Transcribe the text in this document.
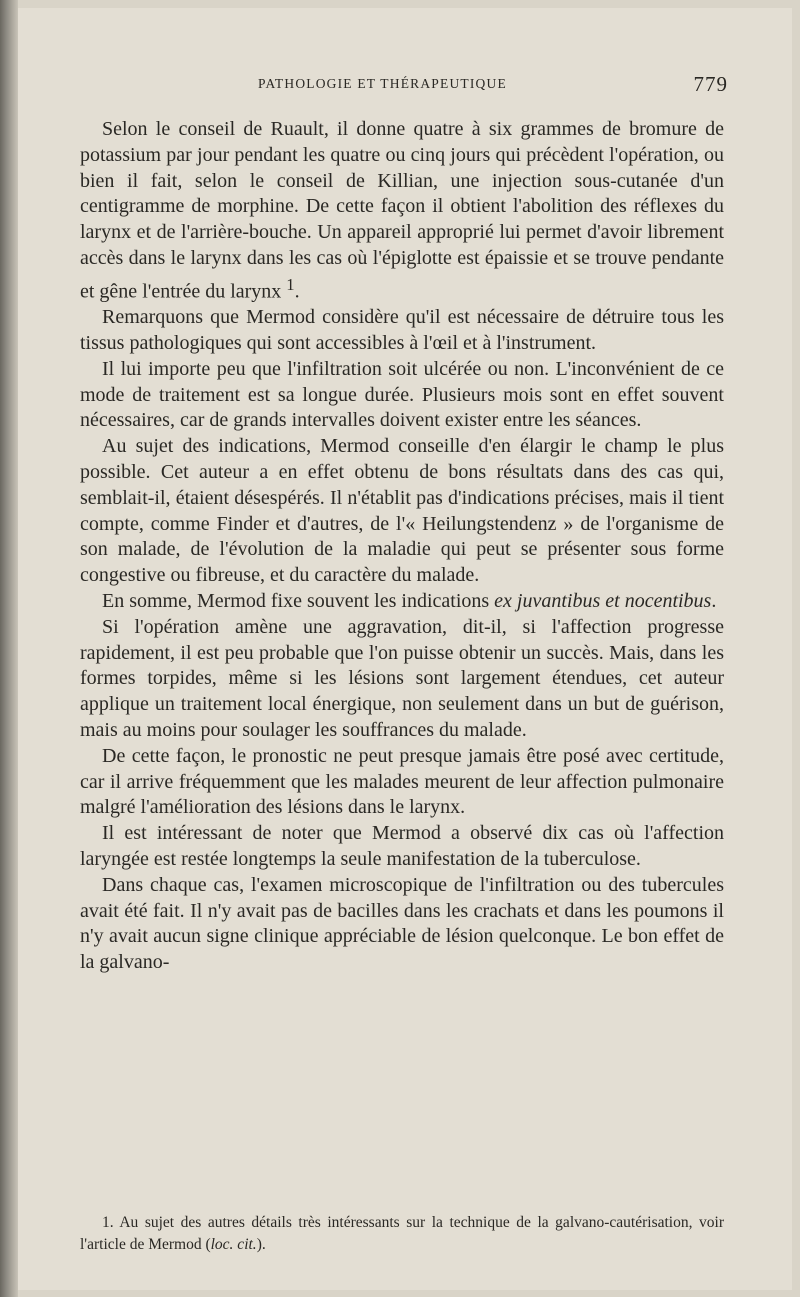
PATHOLOGIE ET THÉRAPEUTIQUE	779

Selon le conseil de Ruault, il donne quatre à six grammes de bromure de potassium par jour pendant les quatre ou cinq jours qui précèdent l'opération, ou bien il fait, selon le conseil de Killian, une injection sous-cutanée d'un centigramme de morphine. De cette façon il obtient l'abolition des réflexes du larynx et de l'arrière-bouche. Un appareil approprié lui permet d'avoir librement accès dans le larynx dans les cas où l'épiglotte est épaissie et se trouve pendante et gêne l'entrée du larynx $^1$.

Remarquons que Mermod considère qu'il est nécessaire de détruire tous les tissus pathologiques qui sont accessibles à l'œil et à l'instrument.

Il lui importe peu que l'infiltration soit ulcérée ou non. L'inconvénient de ce mode de traitement est sa longue durée. Plusieurs mois sont en effet souvent nécessaires, car de grands intervalles doivent exister entre les séances.

Au sujet des indications, Mermod conseille d'en élargir le champ le plus possible. Cet auteur a en effet obtenu de bons résultats dans des cas qui, semblait-il, étaient désespérés. Il n'établit pas d'indications précises, mais il tient compte, comme Finder et d'autres, de l'« Heilungstendenz » de l'organisme de son malade, de l'évolution de la maladie qui peut se présenter sous forme congestive ou fibreuse, et du caractère du malade.

En somme, Mermod fixe souvent les indications ex juvantibus et nocentibus.

Si l'opération amène une aggravation, dit-il, si l'affection progresse rapidement, il est peu probable que l'on puisse obtenir un succès. Mais, dans les formes torpides, même si les lésions sont largement étendues, cet auteur applique un traitement local énergique, non seulement dans un but de guérison, mais au moins pour soulager les souffrances du malade.

De cette façon, le pronostic ne peut presque jamais être posé avec certitude, car il arrive fréquemment que les malades meurent de leur affection pulmonaire malgré l'amélioration des lésions dans le larynx.

Il est intéressant de noter que Mermod a observé dix cas où l'affection laryngée est restée longtemps la seule manifestation de la tuberculose.

Dans chaque cas, l'examen microscopique de l'infiltration ou des tubercules avait été fait. Il n'y avait pas de bacilles dans les crachats et dans les poumons il n'y avait aucun signe clinique appréciable de lésion quelconque. Le bon effet de la galvano-

1. Au sujet des autres détails très intéressants sur la technique de la galvano-cautérisation, voir l'article de Mermod (loc. cit.).
